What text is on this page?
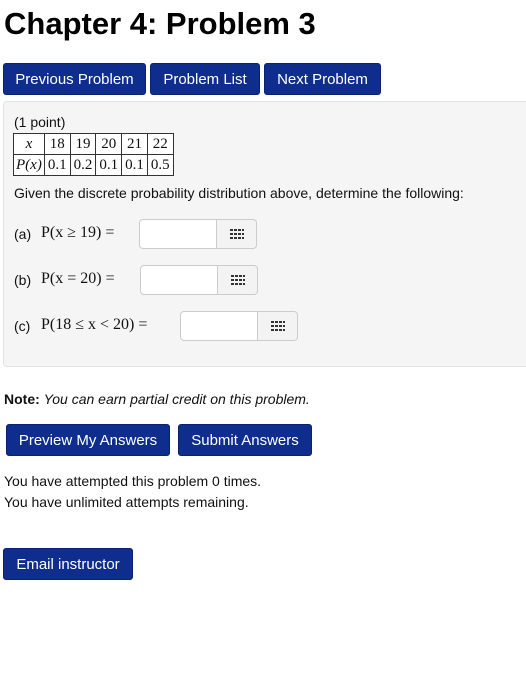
Chapter 4: Problem 3
Previous Problem	Problem List	Next Problem
(1 point)
x	18	19	20	21	22
P(x)	0.1	0.2	0.1	0.1	0.5
Given the discrete probability distribution above, determine the following:
(a) P(x ≥ 19) =
(b) P(x = 20) =
(c) P(18 ≤ x < 20) =
Note: You can earn partial credit on this problem.
Preview My Answers	Submit Answers
You have attempted this problem 0 times.
You have unlimited attempts remaining.
Email instructor
